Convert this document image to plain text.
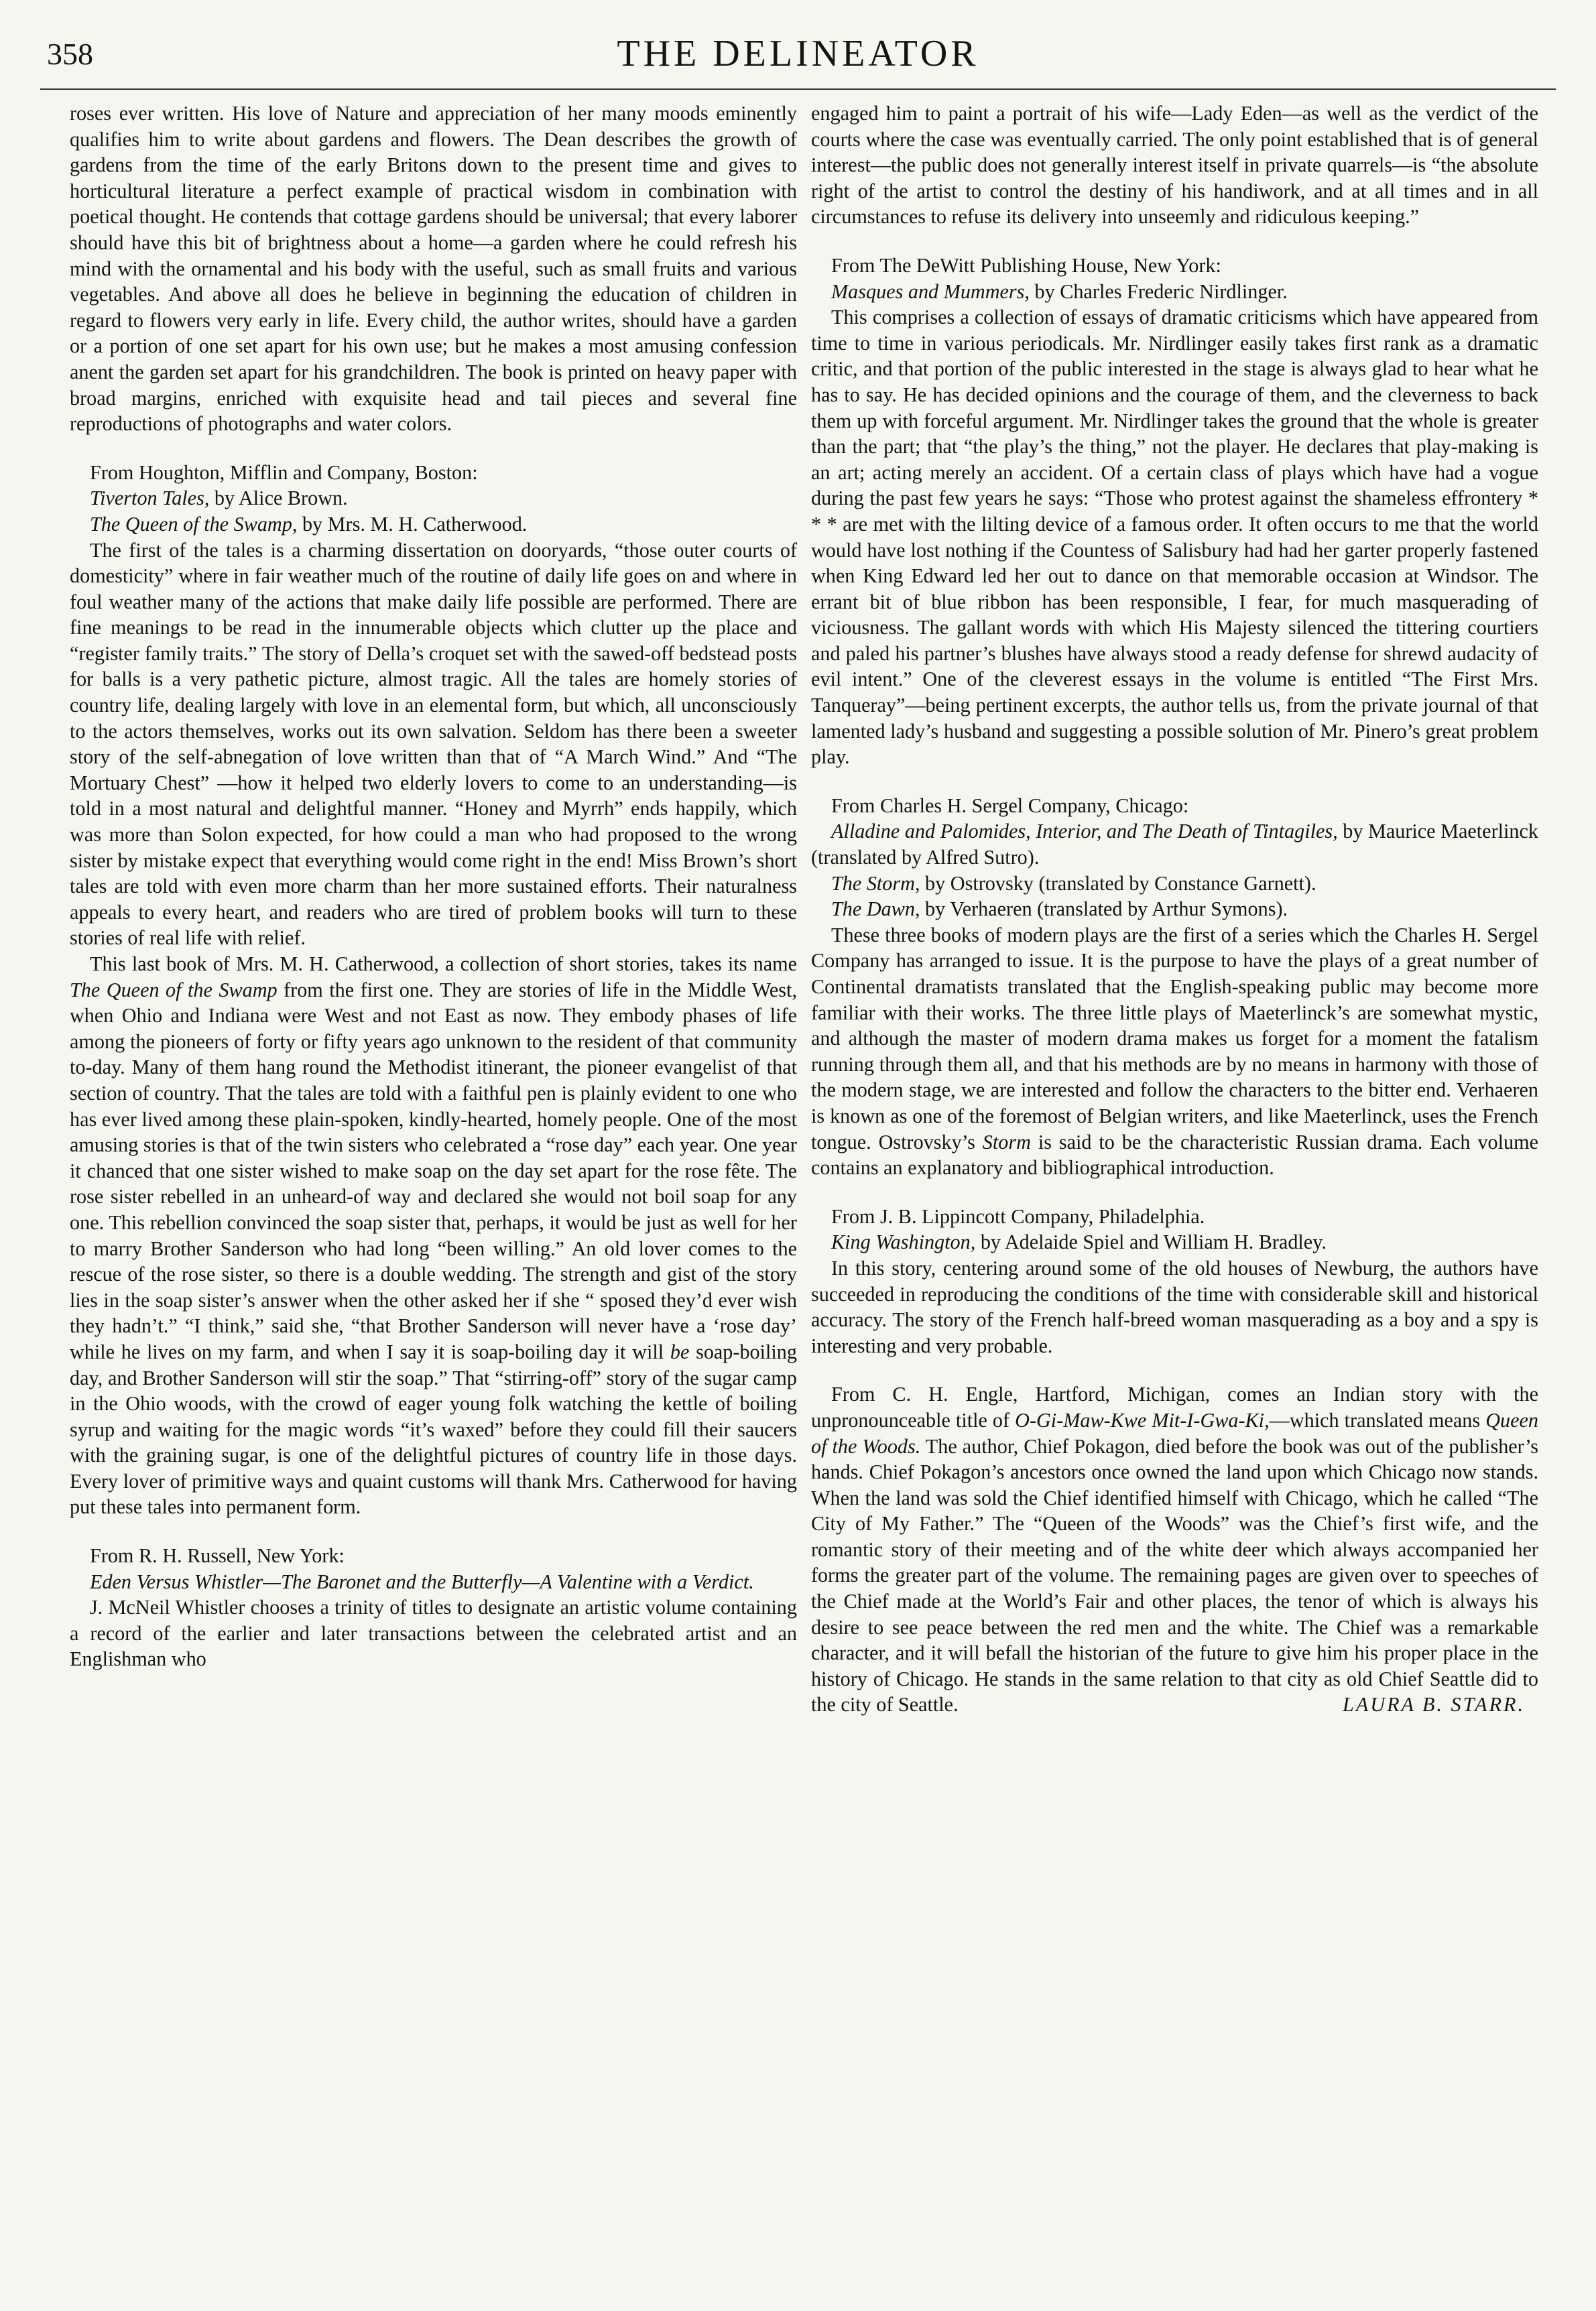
358	THE DELINEATOR

roses ever written. His love of Nature and appreciation of her many moods eminently qualifies him to write about gardens and flowers. The Dean describes the growth of gardens from the time of the early Britons down to the present time and gives to horticultural literature a perfect example of practical wisdom in combination with poetical thought. He contends that cottage gardens should be universal; that every laborer should have this bit of brightness about a home—a garden where he could refresh his mind with the ornamental and his body with the useful, such as small fruits and various vegetables. And above all does he believe in beginning the education of children in regard to flowers very early in life. Every child, the author writes, should have a garden or a portion of one set apart for his own use; but he makes a most amusing confession anent the garden set apart for his grandchildren. The book is printed on heavy paper with broad margins, enriched with exquisite head and tail pieces and several fine reproductions of photographs and water colors.

From Houghton, Mifflin and Company, Boston:

Tiverton Tales, by Alice Brown.

The Queen of the Swamp, by Mrs. M. H. Catherwood.

The first of the tales is a charming dissertation on dooryards, “those outer courts of domesticity” where in fair weather much of the routine of daily life goes on and where in foul weather many of the actions that make daily life possible are performed. There are fine meanings to be read in the innumerable objects which clutter up the place and “register family traits.” The story of Della’s croquet set with the sawed-off bedstead posts for balls is a very pathetic picture, almost tragic. All the tales are homely stories of country life, dealing largely with love in an elemental form, but which, all unconsciously to the actors themselves, works out its own salvation. Seldom has there been a sweeter story of the self-abnegation of love written than that of “A March Wind.” And “The Mortuary Chest” —how it helped two elderly lovers to come to an understanding—is told in a most natural and delightful manner. “Honey and Myrrh” ends happily, which was more than Solon expected, for how could a man who had proposed to the wrong sister by mistake expect that everything would come right in the end! Miss Brown’s short tales are told with even more charm than her more sustained efforts. Their naturalness appeals to every heart, and readers who are tired of problem books will turn to these stories of real life with relief.

This last book of Mrs. M. H. Catherwood, a collection of short stories, takes its name The Queen of the Swamp from the first one. They are stories of life in the Middle West, when Ohio and Indiana were West and not East as now. They embody phases of life among the pioneers of forty or fifty years ago unknown to the resident of that community to-day. Many of them hang round the Methodist itinerant, the pioneer evangelist of that section of country. That the tales are told with a faithful pen is plainly evident to one who has ever lived among these plain-spoken, kindly-hearted, homely people. One of the most amusing stories is that of the twin sisters who celebrated a “rose day” each year. One year it chanced that one sister wished to make soap on the day set apart for the rose fête. The rose sister rebelled in an unheard-of way and declared she would not boil soap for any one. This rebellion convinced the soap sister that, perhaps, it would be just as well for her to marry Brother Sanderson who had long “been willing.” An old lover comes to the rescue of the rose sister, so there is a double wedding. The strength and gist of the story lies in the soap sister’s answer when the other asked her if she “ sposed they’d ever wish they hadn’t.” “I think,” said she, “that Brother Sanderson will never have a ‘rose day’ while he lives on my farm, and when I say it is soap-boiling day it will be soap-boiling day, and Brother Sanderson will stir the soap.” That “stirring-off” story of the sugar camp in the Ohio woods, with the crowd of eager young folk watching the kettle of boiling syrup and waiting for the magic words “it’s waxed” before they could fill their saucers with the graining sugar, is one of the delightful pictures of country life in those days. Every lover of primitive ways and quaint customs will thank Mrs. Catherwood for having put these tales into permanent form.

From R. H. Russell, New York:

Eden Versus Whistler—The Baronet and the Butterfly—A Valentine with a Verdict.

J. McNeil Whistler chooses a trinity of titles to designate an artistic volume containing a record of the earlier and later transactions between the celebrated artist and an Englishman who

engaged him to paint a portrait of his wife—Lady Eden—as well as the verdict of the courts where the case was eventually carried. The only point established that is of general interest—the public does not generally interest itself in private quarrels—is “the absolute right of the artist to control the destiny of his handiwork, and at all times and in all circumstances to refuse its delivery into unseemly and ridiculous keeping.”

From The DeWitt Publishing House, New York:

Masques and Mummers, by Charles Frederic Nirdlinger.

This comprises a collection of essays of dramatic criticisms which have appeared from time to time in various periodicals. Mr. Nirdlinger easily takes first rank as a dramatic critic, and that portion of the public interested in the stage is always glad to hear what he has to say. He has decided opinions and the courage of them, and the cleverness to back them up with forceful argument. Mr. Nirdlinger takes the ground that the whole is greater than the part; that “the play’s the thing,” not the player. He declares that play-making is an art; acting merely an accident. Of a certain class of plays which have had a vogue during the past few years he says: “Those who protest against the shameless effrontery * * * are met with the lilting device of a famous order. It often occurs to me that the world would have lost nothing if the Countess of Salisbury had had her garter properly fastened when King Edward led her out to dance on that memorable occasion at Windsor. The errant bit of blue ribbon has been responsible, I fear, for much masquerading of viciousness. The gallant words with which His Majesty silenced the tittering courtiers and paled his partner’s blushes have always stood a ready defense for shrewd audacity of evil intent.” One of the cleverest essays in the volume is entitled “The First Mrs. Tanqueray”—being pertinent excerpts, the author tells us, from the private journal of that lamented lady’s husband and suggesting a possible solution of Mr. Pinero’s great problem play.

From Charles H. Sergel Company, Chicago:

Alladine and Palomides, Interior, and The Death of Tintagiles, by Maurice Maeterlinck (translated by Alfred Sutro).

The Storm, by Ostrovsky (translated by Constance Garnett).

The Dawn, by Verhaeren (translated by Arthur Symons).

These three books of modern plays are the first of a series which the Charles H. Sergel Company has arranged to issue. It is the purpose to have the plays of a great number of Continental dramatists translated that the English-speaking public may become more familiar with their works. The three little plays of Maeterlinck’s are somewhat mystic, and although the master of modern drama makes us forget for a moment the fatalism running through them all, and that his methods are by no means in harmony with those of the modern stage, we are interested and follow the characters to the bitter end. Verhaeren is known as one of the foremost of Belgian writers, and like Maeterlinck, uses the French tongue. Ostrovsky’s Storm is said to be the characteristic Russian drama. Each volume contains an explanatory and bibliographical introduction.

From J. B. Lippincott Company, Philadelphia.

King Washington, by Adelaide Spiel and William H. Bradley.

In this story, centering around some of the old houses of Newburg, the authors have succeeded in reproducing the conditions of the time with considerable skill and historical accuracy. The story of the French half-breed woman masquerading as a boy and a spy is interesting and very probable.

From C. H. Engle, Hartford, Michigan, comes an Indian story with the unpronounceable title of O-Gi-Maw-Kwe Mit-I-Gwa-Ki,—which translated means Queen of the Woods. The author, Chief Pokagon, died before the book was out of the publisher’s hands. Chief Pokagon’s ancestors once owned the land upon which Chicago now stands. When the land was sold the Chief identified himself with Chicago, which he called “The City of My Father.” The “Queen of the Woods” was the Chief’s first wife, and the romantic story of their meeting and of the white deer which always accompanied her forms the greater part of the volume. The remaining pages are given over to speeches of the Chief made at the World’s Fair and other places, the tenor of which is always his desire to see peace between the red men and the white. The Chief was a remarkable character, and it will befall the historian of the future to give him his proper place in the history of Chicago. He stands in the same relation to that city as old Chief Seattle did to the city of Seattle.	LAURA B. STARR.
